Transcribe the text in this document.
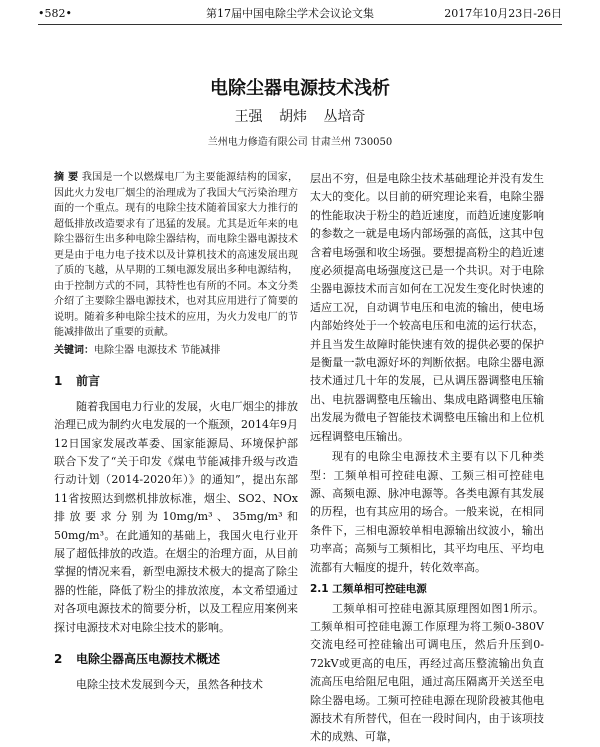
•582•	第17届中国电除尘学术会议论文集	2017年10月23日-26日
电除尘器电源技术浅析
王强 胡炜 丛培奇
兰州电力修造有限公司 甘肃兰州 730050
摘 要 我国是一个以燃煤电厂为主要能源结构的国家，因此火力发电厂烟尘的治理成为了我国大气污染治理方面的一个重点。现有的电除尘技术随着国家大力推行的超低排放改造要求有了迅猛的发展。尤其是近年来的电除尘器衍生出多种电除尘器结构，而电除尘器电源技术更是由于电力电子技术以及计算机技术的高速发展出现了质的飞越，从早期的工频电源发展出多种电源结构，由于控制方式的不同，其特性也有所的不同。本文分类介绍了主要除尘器电源技术，也对其应用进行了简要的说明。随着多种电除尘技术的应用，为火力发电厂的节能减排做出了重要的贡献。
关键词：电除尘器 电源技术 节能减排
1 前言

随着我国电力行业的发展，火电厂烟尘的排放治理已成为制约火电发展的一个瓶颈，2014年9月12日国家发展改革委、国家能源局、环境保护部联合下发了“关于印发《煤电节能减排升级与改造行动计划（2014-2020年）》的通知”，提出东部11省按照达到燃机排放标准，烟尘、SO2、NOx排放要求分别为10mg/m³、35mg/m³和50mg/m³。在此通知的基础上，我国火电行业开展了超低排放的改造。在烟尘的治理方面，从目前掌握的情况来看，新型电源技术极大的提高了除尘器的性能，降低了粉尘的排放浓度，本文希望通过对各项电源技术的简要分析，以及工程应用案例来探讨电源技术对电除尘技术的影响。

2 电除尘器高压电源技术概述

电除尘技术发展到今天，虽然各种技术

层出不穷，但是电除尘技术基础理论并没有发生太大的变化。以目前的研究理论来看，电除尘器的性能取决于粉尘的趋近速度，而趋近速度影响的参数之一就是电场内部场强的高低，这其中包含着电场强和收尘场强。要想提高粉尘的趋近速度必须提高电场强度这已是一个共识。对于电除尘器电源技术而言如何在工况发生变化时快速的适应工况，自动调节电压和电流的输出，使电场内部始终处于一个较高电压和电流的运行状态，并且当发生故障时能快速有效的提供必要的保护是衡量一款电源好坏的判断依据。电除尘器电源技术通过几十年的发展，已从调压器调整电压输出、电抗器调整电压输出、集成电路调整电压输出发展为微电子智能技术调整电压输出和上位机远程调整电压输出。

现有的电除尘电源技术主要有以下几种类型：工频单相可控硅电源、工频三相可控硅电源、高频电源、脉冲电源等。各类电源有其发展的历程，也有其应用的场合。一般来说，在相同条件下，三相电源较单相电源输出纹波小，输出功率高；高频与工频相比，其平均电压、平均电流都有大幅度的提升，转化效率高。

2.1 工频单相可控硅电源

工频单相可控硅电源其原理图如图1所示。工频单相可控硅电源工作原理为将工频0-380V交流电经可控硅输出可调电压，然后升压到0-72kV或更高的电压，再经过高压整流输出负直流高压电给阻尼电阻，通过高压隔离开关送至电除尘器电场。工频可控硅电源在现阶段被其他电源技术有所替代，但在一段时间内，由于该项技术的成熟、可靠，
